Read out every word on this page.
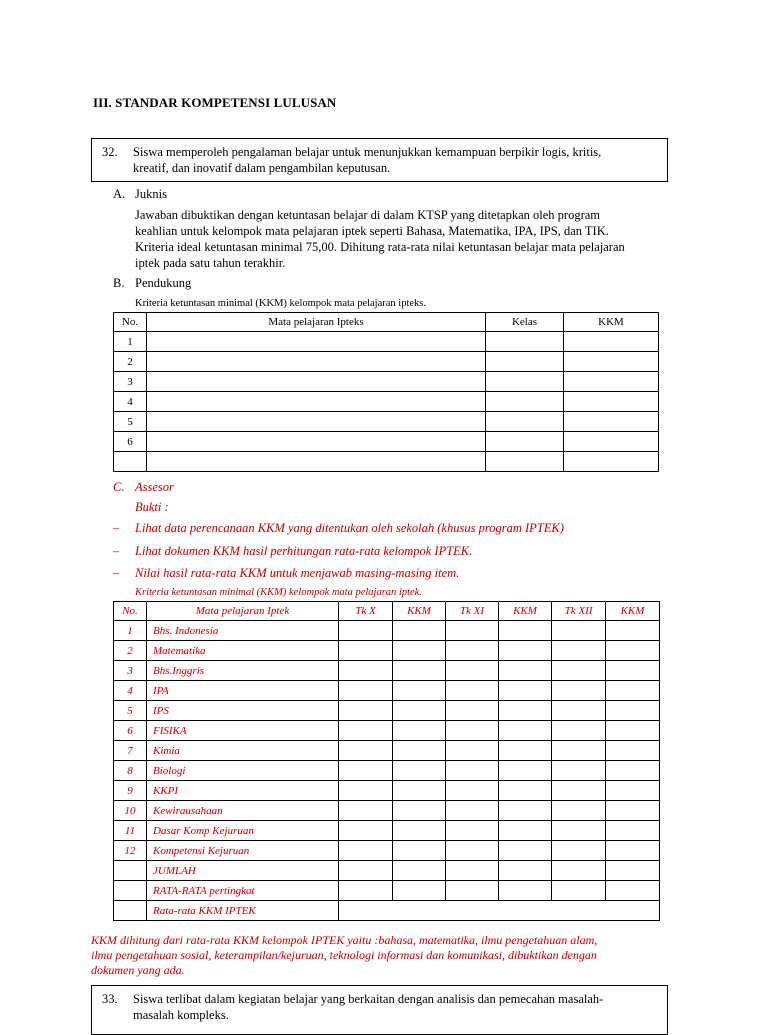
III. STANDAR KOMPETENSI LULUSAN
32. Siswa memperoleh pengalaman belajar untuk menunjukkan kemampuan berpikir logis, kritis,
kreatif, dan inovatif dalam pengambilan keputusan.
A. Juknis
Jawaban dibuktikan dengan ketuntasan belajar di dalam KTSP yang ditetapkan oleh program
keahlian untuk kelompok mata pelajaran iptek seperti Bahasa, Matematika, IPA, IPS, dan TIK.
Kriteria ideal ketuntasan minimal 75,00. Dihitung rata-rata nilai ketuntasan belajar mata pelajaran
iptek pada satu tahun terakhir.
B. Pendukung
Kriteria ketuntasan minimal (KKM) kelompok mata pelajaran ipteks.
No.	Mata pelajaran Ipteks	Kelas	KKM
1			
2			
3			
4			
5			
6			

C. Assesor
Bukti :
– Lihat data perencanaan KKM yang ditentukan oleh sekolah (khusus program IPTEK)
– Lihat dokumen KKM hasil perhitungan rata-rata kelompok IPTEK.
– Nilai hasil rata-rata KKM untuk menjawab masing-masing item.
Kriteria ketuntasan minimal (KKM) kelompok mata pelajaran iptek.
No.	Mata pelajaran Iptek	Tk X	KKM	Tk XI	KKM	Tk XII	KKM
1	Bhs. Indonesia						
2	Matematika						
3	Bhs.Inggris						
4	IPA						
5	IPS						
6	FISIKA						
7	Kimia						
8	Biologi						
9	KKPI						
10	Kewirausahaan						
11	Dasar Komp Kejuruan						
12	Kompetensi Kejuruan						
	JUMLAH						
	RATA-RATA pertingkat						
	Rata-rata KKM IPTEK						
KKM dihitung dari rata-rata KKM kelompok IPTEK yaitu :bahasa, matematika, ilmu pengetahuan alam,
ilmu pengetahuan sosial, keterampilan/kejuruan, teknologi informasi dan komunikasi, dibuktikan dengan
dokumen yang ada.
33. Siswa terlibat dalam kegiatan belajar yang berkaitan dengan analisis dan pemecahan masalah-
masalah kompleks.
